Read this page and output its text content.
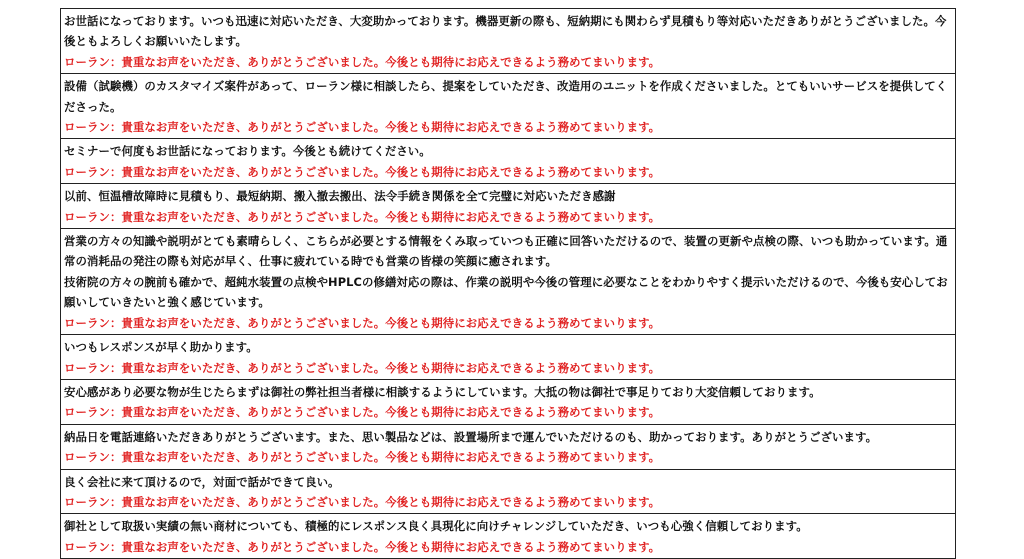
お世話になっております。いつも迅速に対応いただき、大変助かっております。機器更新の際も、短納期にも関わらず見積もり等対応いただきありがとうございました。今後ともよろしくお願いいたします。

ローラン：貴重なお声をいただき、ありがとうございました。今後とも期待にお応えできるよう務めてまいります。

設備（試験機）のカスタマイズ案件があって、ローラン様に相談したら、提案をしていただき、改造用のユニットを作成くださいました。とてもいいサービスを提供してくださった。

ローラン：貴重なお声をいただき、ありがとうございました。今後とも期待にお応えできるよう務めてまいります。

セミナーで何度もお世話になっております。今後とも続けてください。

ローラン：貴重なお声をいただき、ありがとうございました。今後とも期待にお応えできるよう務めてまいります。

以前、恒温槽故障時に見積もり、最短納期、搬入撤去搬出、法令手続き関係を全て完璧に対応いただき感謝

ローラン：貴重なお声をいただき、ありがとうございました。今後とも期待にお応えできるよう務めてまいります。

営業の方々の知識や説明がとても素晴らしく、こちらが必要とする情報をくみ取っていつも正確に回答いただけるので、装置の更新や点検の際、いつも助かっています。通常の消耗品の発注の際も対応が早く、仕事に疲れている時でも営業の皆様の笑顔に癒されます。

技術院の方々の腕前も確かで、超純水装置の点検やHPLCの修繕対応の際は、作業の説明や今後の管理に必要なことをわかりやすく提示いただけるので、今後も安心してお願いしていきたいと強く感じています。

ローラン：貴重なお声をいただき、ありがとうございました。今後とも期待にお応えできるよう務めてまいります。

いつもレスポンスが早く助かります。

ローラン：貴重なお声をいただき、ありがとうございました。今後とも期待にお応えできるよう務めてまいります。

安心感があり必要な物が生じたらまずは御社の弊社担当者様に相談するようにしています。大抵の物は御社で事足りており大変信頼しております。

ローラン：貴重なお声をいただき、ありがとうございました。今後とも期待にお応えできるよう務めてまいります。

納品日を電話連絡いただきありがとうございます。また、思い製品などは、設置場所まで運んでいただけるのも、助かっております。ありがとうございます。

ローラン：貴重なお声をいただき、ありがとうございました。今後とも期待にお応えできるよう務めてまいります。

良く会社に来て頂けるので，対面で話ができて良い。

ローラン：貴重なお声をいただき、ありがとうございました。今後とも期待にお応えできるよう務めてまいります。

御社として取扱い実績の無い商材についても、積極的にレスポンス良く具現化に向けチャレンジしていただき、いつも心強く信頼しております。

ローラン：貴重なお声をいただき、ありがとうございました。今後とも期待にお応えできるよう務めてまいります。
